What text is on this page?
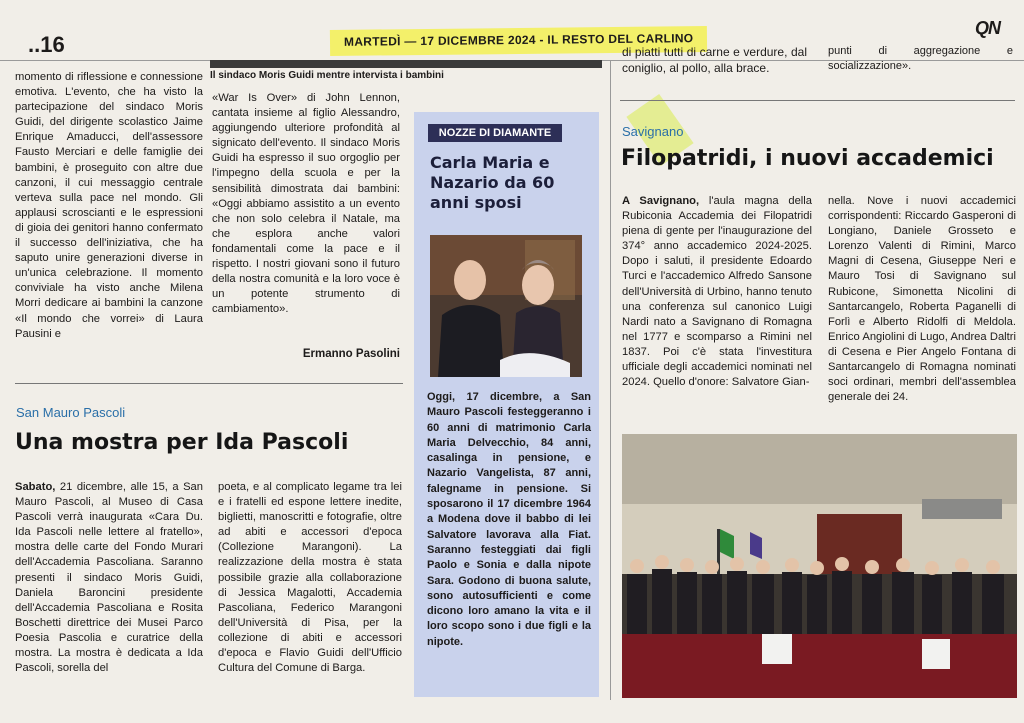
..16	MARTEDÌ — 17 DICEMBRE 2024 - IL RESTO DEL CARLINO
QN
di piatti tutti di carne e verdure, dal coniglio, al pollo, alla brace.
punti di aggregazione e socializzazione».
Il sindaco Moris Guidi mentre intervista i bambini

momento di riflessione e connessione emotiva. L'evento, che ha visto la partecipazione del sindaco Moris Guidi, del dirigente scolastico Jaime Enrique Amaducci, dell'assessore Fausto Merciari e delle famiglie dei bambini, è proseguito con altre due canzoni, il cui messaggio centrale verteva sulla pace nel mondo. Gli applausi scroscianti e le espressioni di gioia dei genitori hanno confermato il successo dell'iniziativa, che ha saputo unire generazioni diverse in un'unica celebrazione. Il momento conviviale ha visto anche Milena Morri dedicare ai bambini la canzone «Il mondo che vorrei» di Laura Pausini e

«War Is Over» di John Lennon, cantata insieme al figlio Alessandro, aggiungendo ulteriore profondità al signicato dell'evento. Il sindaco Moris Guidi ha espresso il suo orgoglio per l'impegno della scuola e per la sensibilità dimostrata dai bambini: «Oggi abbiamo assistito a un evento che non solo celebra il Natale, ma che esplora anche valori fondamentali come la pace e il rispetto. I nostri giovani sono il futuro della nostra comunità e la loro voce è un potente strumento di cambiamento».

Ermanno Pasolini
San Mauro Pascoli
Una mostra per Ida Pascoli

Sabato, 21 dicembre, alle 15, a San Mauro Pascoli, al Museo di Casa Pascoli verrà inaugurata «Cara Du. Ida Pascoli nelle lettere al fratello», mostra delle carte del Fondo Murari dell'Accademia Pascoliana. Saranno presenti il sindaco Moris Guidi, Daniela Baroncini presidente dell'Accademia Pascoliana e Rosita Boschetti direttrice dei Musei Parco Poesia Pascolia e curatrice della mostra. La mostra è dedicata a Ida Pascoli, sorella del

poeta, e al complicato legame tra lei e i fratelli ed espone lettere inedite, biglietti, manoscritti e fotografie, oltre ad abiti e accessori d'epoca (Collezione Marangoni). La realizzazione della mostra è stata possibile grazie alla collaborazione di Jessica Magalotti, Accademia Pascoliana, Federico Marangoni dell'Università di Pisa, per la collezione di abiti e accessori d'epoca e Flavio Guidi dell'Ufficio Cultura del Comune di Barga.

NOZZE DI DIAMANTE
Carla Maria e Nazario da 60 anni sposi
Oggi, 17 dicembre, a San Mauro Pascoli festeggeranno i 60 anni di matrimonio Carla Maria Delvecchio, 84 anni, casalinga in pensione, e Nazario Vangelista, 87 anni, falegname in pensione. Si sposarono il 17 dicembre 1964 a Modena dove il babbo di lei Salvatore lavorava alla Fiat. Saranno festeggiati dai figli Paolo e Sonia e dalla nipote Sara. Godono di buona salute, sono autosufficienti e come dicono loro amano la vita e il loro scopo sono i due figli e la nipote.
Savignano
Filopatridi, i nuovi accademici

A Savignano, l'aula magna della Rubiconia Accademia dei Filopatridi piena di gente per l'inaugurazione del 374° anno accademico 2024-2025. Dopo i saluti, il presidente Edoardo Turci e l'accademico Alfredo Sansone dell'Università di Urbino, hanno tenuto una conferenza sul canonico Luigi Nardi nato a Savignano di Romagna nel 1777 e scomparso a Rimini nel 1837. Poi c'è stata l'investitura ufficiale degli accademici nominati nel 2024. Quello d'onore: Salvatore Gian-

nella. Nove i nuovi accademici corrispondenti: Riccardo Gasperoni di Longiano, Daniele Grosseto e Lorenzo Valenti di Rimini, Marco Magni di Cesena, Giuseppe Neri e Mauro Tosi di Savignano sul Rubicone, Simonetta Nicolini di Santarcangelo, Roberta Paganelli di Forlì e Alberto Ridolfi di Meldola. Enrico Angiolini di Lugo, Andrea Daltri di Cesena e Pier Angelo Fontana di Santarcangelo di Romagna nominati soci ordinari, membri dell'assemblea generale dei 24.
